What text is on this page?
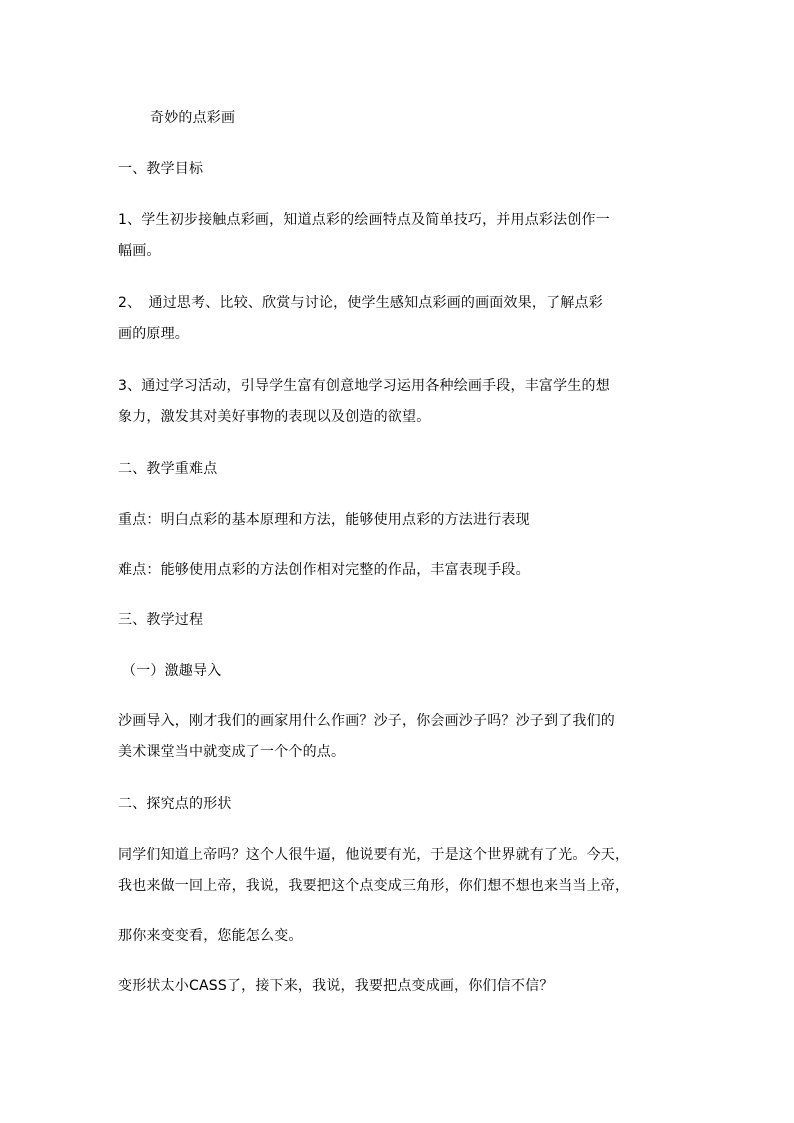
奇妙的点彩画
一、教学目标
1、学生初步接触点彩画，知道点彩的绘画特点及简单技巧，并用点彩法创作一
幅画。
2、　通过思考、比较、欣赏与讨论，使学生感知点彩画的画面效果，了解点彩
画的原理。
3、通过学习活动，引导学生富有创意地学习运用各种绘画手段，丰富学生的想
象力，激发其对美好事物的表现以及创造的欲望。
二、教学重难点
重点：明白点彩的基本原理和方法，能够使用点彩的方法进行表现
难点：能够使用点彩的方法创作相对完整的作品，丰富表现手段。
三、教学过程
（一）激趣导入
沙画导入，刚才我们的画家用什么作画？沙子，你会画沙子吗？沙子到了我们的
美术课堂当中就变成了一个个的点。
二、探究点的形状
同学们知道上帝吗？这个人很牛逼，他说要有光，于是这个世界就有了光。今天，
我也来做一回上帝，我说，我要把这个点变成三角形，你们想不想也来当当上帝，
那你来变变看，您能怎么变。
变形状太小CASS了，接下来，我说，我要把点变成画，你们信不信？
